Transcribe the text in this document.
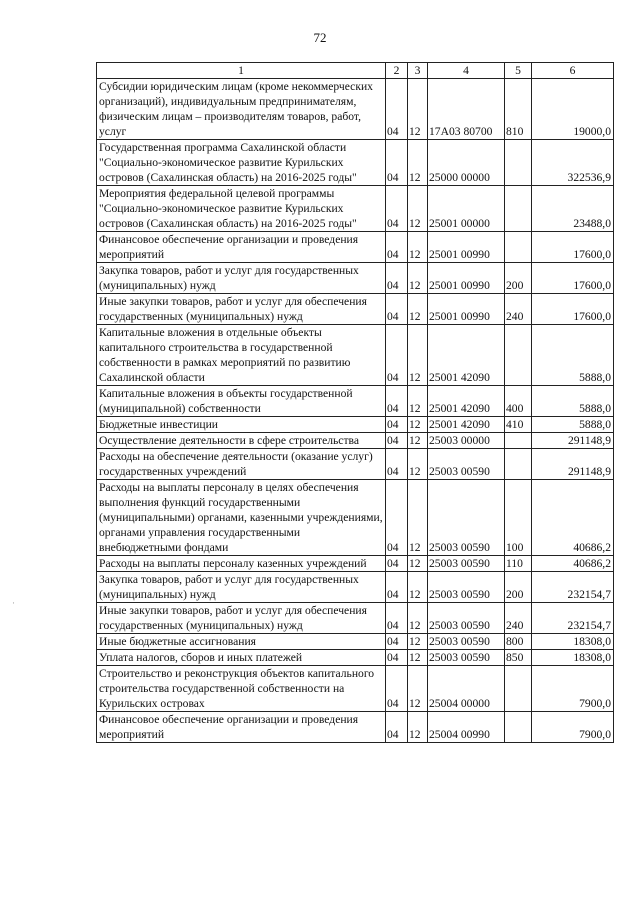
72
1	2	3	4	5	6
Субсидии юридическим лицам (кроме некоммерческих организаций), индивидуальным предпринимателям, физическим лицам – производителям товаров, работ, услуг	04	12	17А03 80700	810	19000,0
Государственная программа Сахалинской области "Социально-экономическое развитие Курильских островов (Сахалинская область) на 2016-2025 годы"	04	12	25000 00000		322536,9
Мероприятия федеральной целевой программы "Социально-экономическое развитие Курильских островов (Сахалинская область) на 2016-2025 годы"	04	12	25001 00000		23488,0
Финансовое обеспечение организации и проведения мероприятий	04	12	25001 00990		17600,0
Закупка товаров, работ и услуг для государственных (муниципальных) нужд	04	12	25001 00990	200	17600,0
Иные закупки товаров, работ и услуг для обеспечения государственных (муниципальных) нужд	04	12	25001 00990	240	17600,0
Капитальные вложения в отдельные объекты капитального строительства в государственной собственности в рамках мероприятий по развитию Сахалинской области	04	12	25001 42090		5888,0
Капитальные вложения в объекты государственной (муниципальной) собственности	04	12	25001 42090	400	5888,0
Бюджетные инвестиции	04	12	25001 42090	410	5888,0
Осуществление деятельности в сфере строительства	04	12	25003 00000		291148,9
Расходы на обеспечение деятельности (оказание услуг) государственных учреждений	04	12	25003 00590		291148,9
Расходы на выплаты персоналу в целях обеспечения выполнения функций государственными (муниципальными) органами, казенными учреждениями, органами управления государственными внебюджетными фондами	04	12	25003 00590	100	40686,2
Расходы на выплаты персоналу казенных учреждений	04	12	25003 00590	110	40686,2
Закупка товаров, работ и услуг для государственных (муниципальных) нужд	04	12	25003 00590	200	232154,7
Иные закупки товаров, работ и услуг для обеспечения государственных (муниципальных) нужд	04	12	25003 00590	240	232154,7
Иные бюджетные ассигнования	04	12	25003 00590	800	18308,0
Уплата налогов, сборов и иных платежей	04	12	25003 00590	850	18308,0
Строительство и реконструкция объектов капитального строительства государственной собственности на Курильских островах	04	12	25004 00000		7900,0
Финансовое обеспечение организации и проведения мероприятий	04	12	25004 00990		7900,0
·
